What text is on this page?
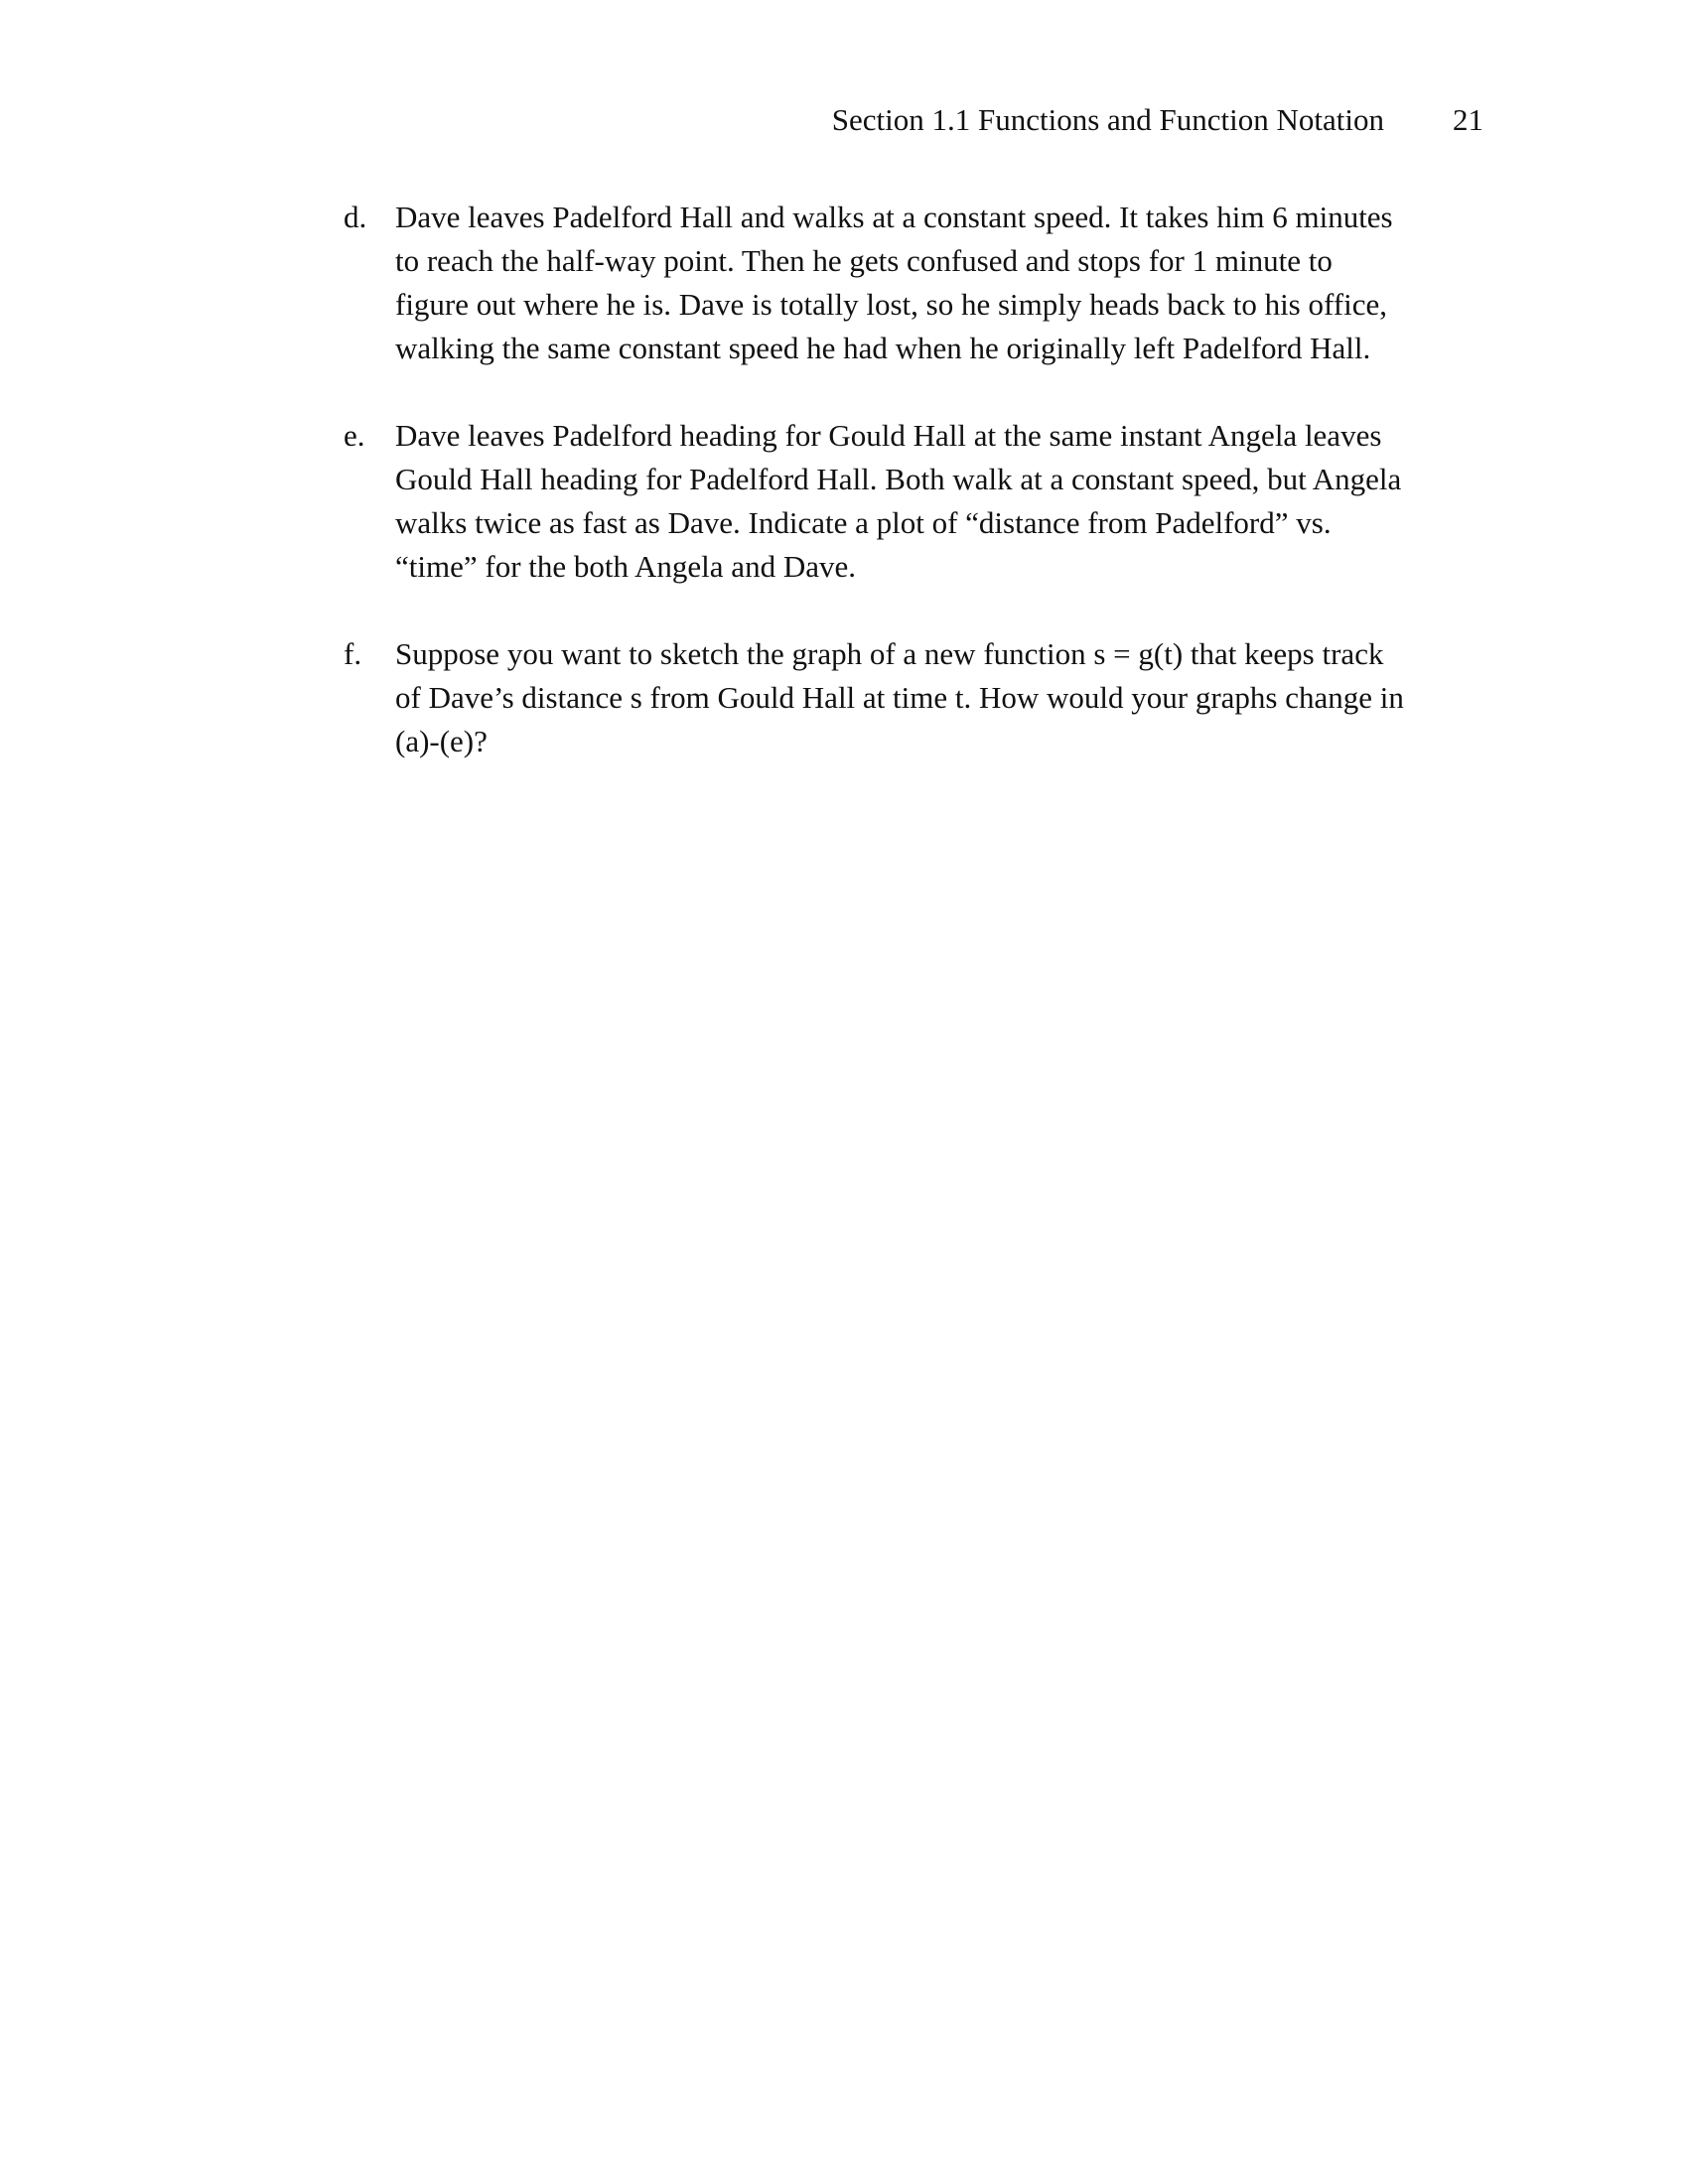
Section 1.1 Functions and Function Notation 21
d. Dave leaves Padelford Hall and walks at a constant speed. It takes him 6 minutes
to reach the half-way point. Then he gets confused and stops for 1 minute to
figure out where he is. Dave is totally lost, so he simply heads back to his office,
walking the same constant speed he had when he originally left Padelford Hall.
e. Dave leaves Padelford heading for Gould Hall at the same instant Angela leaves
Gould Hall heading for Padelford Hall. Both walk at a constant speed, but Angela
walks twice as fast as Dave. Indicate a plot of “distance from Padelford” vs.
“time” for the both Angela and Dave.
f. Suppose you want to sketch the graph of a new function s = g(t) that keeps track
of Dave’s distance s from Gould Hall at time t. How would your graphs change in
(a)-(e)?
